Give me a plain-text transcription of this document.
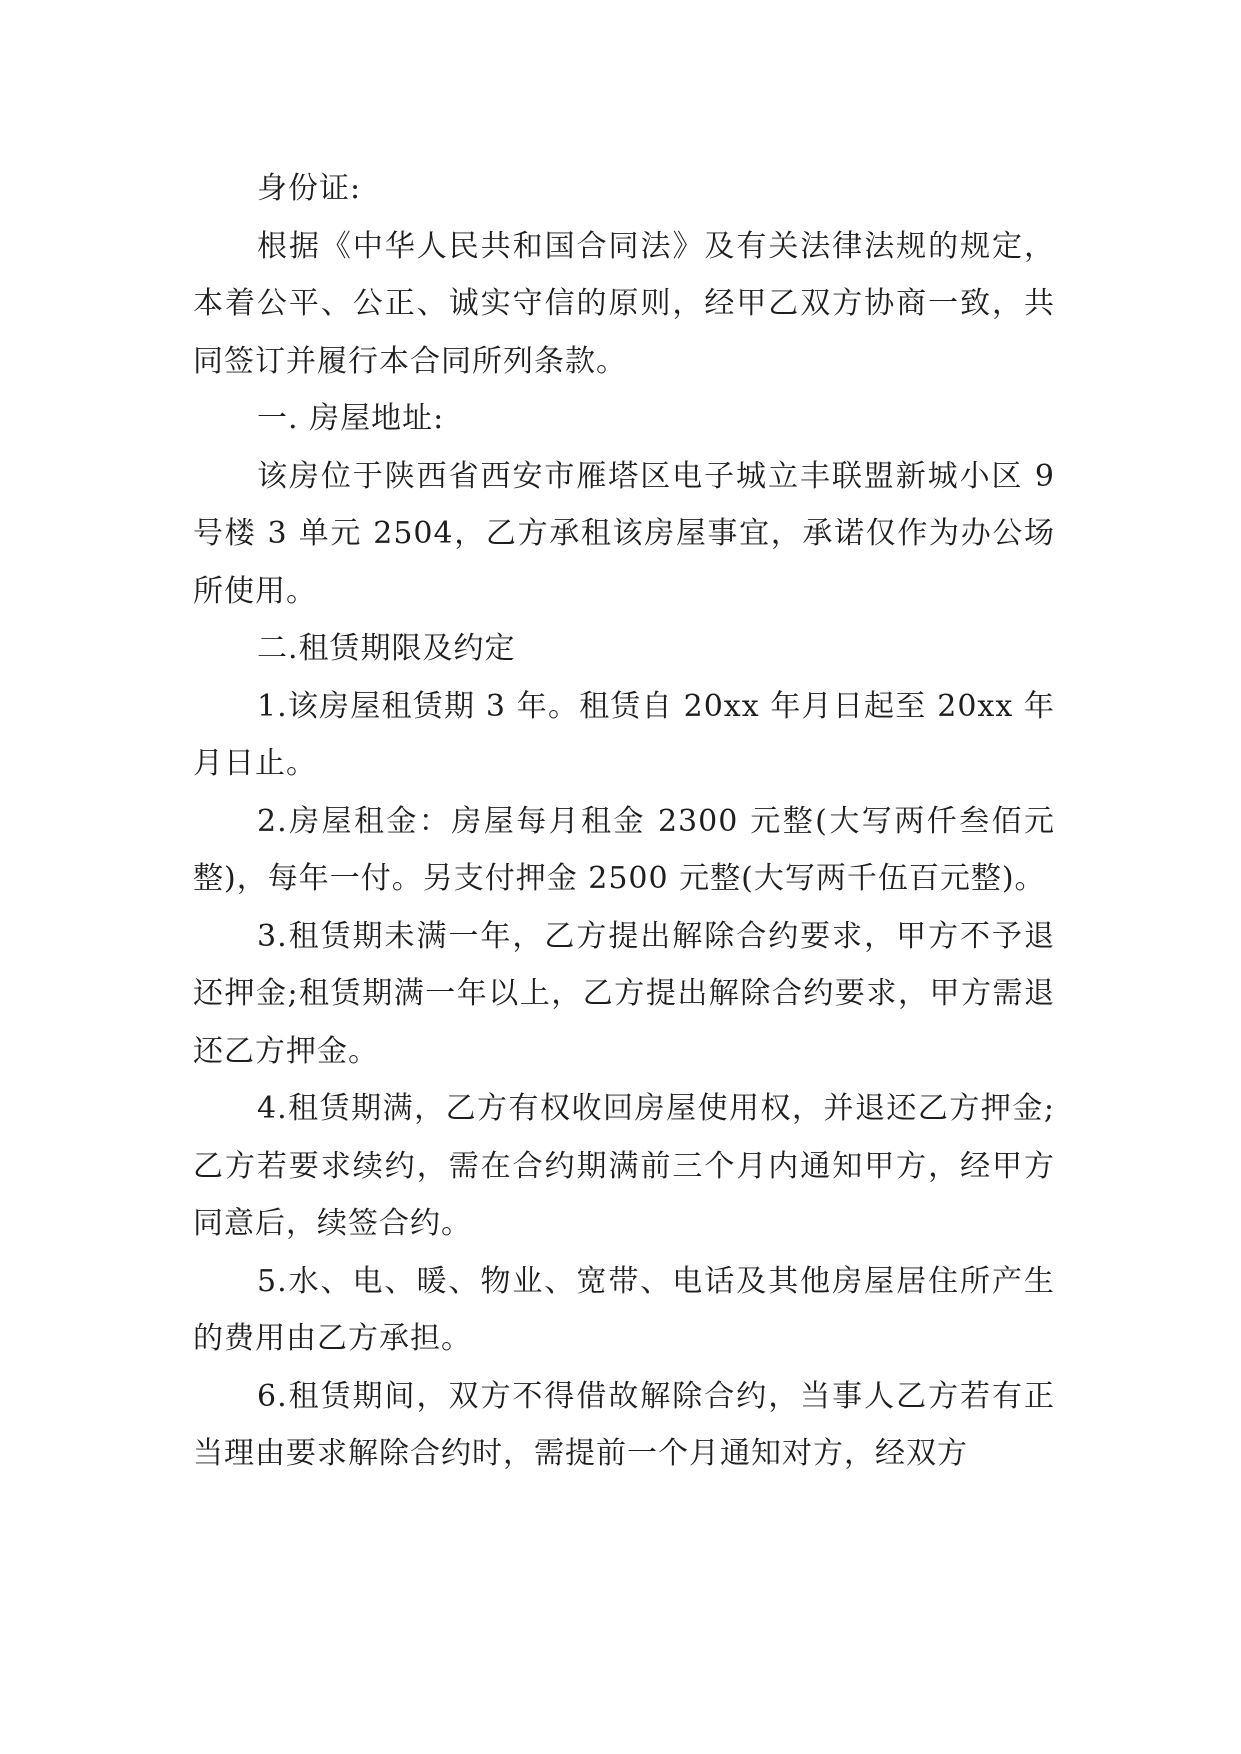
身份证:

根据《中华人民共和国合同法》及有关法律法规的规定，本着公平、公正、诚实守信的原则，经甲乙双方协商一致，共同签订并履行本合同所列条款。

一. 房屋地址:

该房位于陕西省西安市雁塔区电子城立丰联盟新城小区 9 号楼 3 单元 2504，乙方承租该房屋事宜，承诺仅作为办公场所使用。

二.租赁期限及约定

1.该房屋租赁期 3 年。租赁自 20xx 年月日起至 20xx 年月日止。

2.房屋租金：房屋每月租金 2300 元整(大写两仟叁佰元整)，每年一付。另支付押金 2500 元整(大写两千伍百元整)。

3.租赁期未满一年，乙方提出解除合约要求，甲方不予退还押金;租赁期满一年以上，乙方提出解除合约要求，甲方需退还乙方押金。

4.租赁期满，乙方有权收回房屋使用权，并退还乙方押金;乙方若要求续约，需在合约期满前三个月内通知甲方，经甲方同意后，续签合约。

5.水、电、暖、物业、宽带、电话及其他房屋居住所产生的费用由乙方承担。

6.租赁期间，双方不得借故解除合约，当事人乙方若有正当理由要求解除合约时，需提前一个月通知对方，经双方
